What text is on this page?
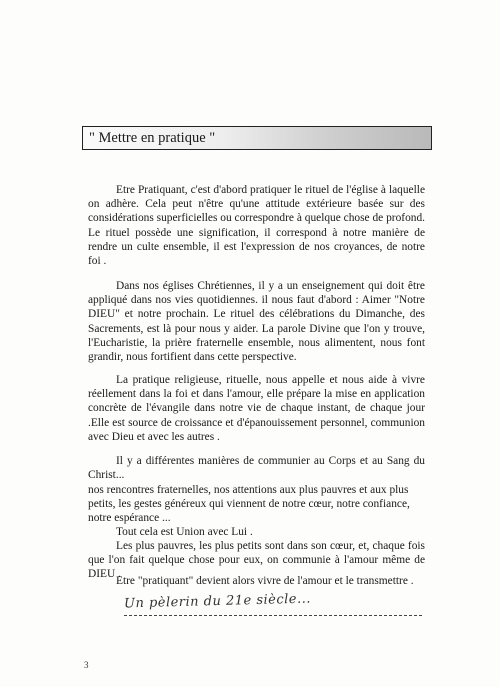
" Mettre en pratique "

Etre Pratiquant, c'est d'abord pratiquer le rituel de l'église à laquelle on adhère. Cela peut n'être qu'une attitude extérieure basée sur des considérations superficielles ou correspondre à quelque chose de profond. Le rituel possède une signification, il correspond à notre manière de rendre un culte ensemble, il est l'expression de nos croyances, de notre foi .

Dans nos églises Chrétiennes, il y a un enseignement qui doit être appliqué dans nos vies quotidiennes. il nous faut d'abord : Aimer "Notre DIEU" et notre prochain. Le rituel des célébrations du Dimanche, des Sacrements, est là pour nous y aider. La parole Divine que l'on y trouve, l'Eucharistie, la prière fraternelle ensemble, nous alimentent, nous font grandir, nous fortifient dans cette perspective.

La pratique religieuse, rituelle, nous appelle et nous aide à vivre réellement dans la foi et dans l'amour, elle prépare la mise en application concrète de l'évangile dans notre vie de chaque instant, de chaque jour .Elle est source de croissance et d'épanouissement personnel, communion avec Dieu et avec les autres .

Il y a différentes manières de communier au Corps et au Sang du Christ...

nos rencontres fraternelles, nos attentions aux plus pauvres et aux plus petits, les gestes généreux qui viennent de notre cœur, notre confiance, notre espérance ...

Tout cela est Union avec Lui .

Les plus pauvres, les plus petits sont dans son cœur, et, chaque fois que l'on fait quelque chose pour eux, on communie à l'amour même de DIEU .

Etre "pratiquant" devient alors vivre de l'amour et le transmettre .

Un pèlerin du 21e siècle...
3
